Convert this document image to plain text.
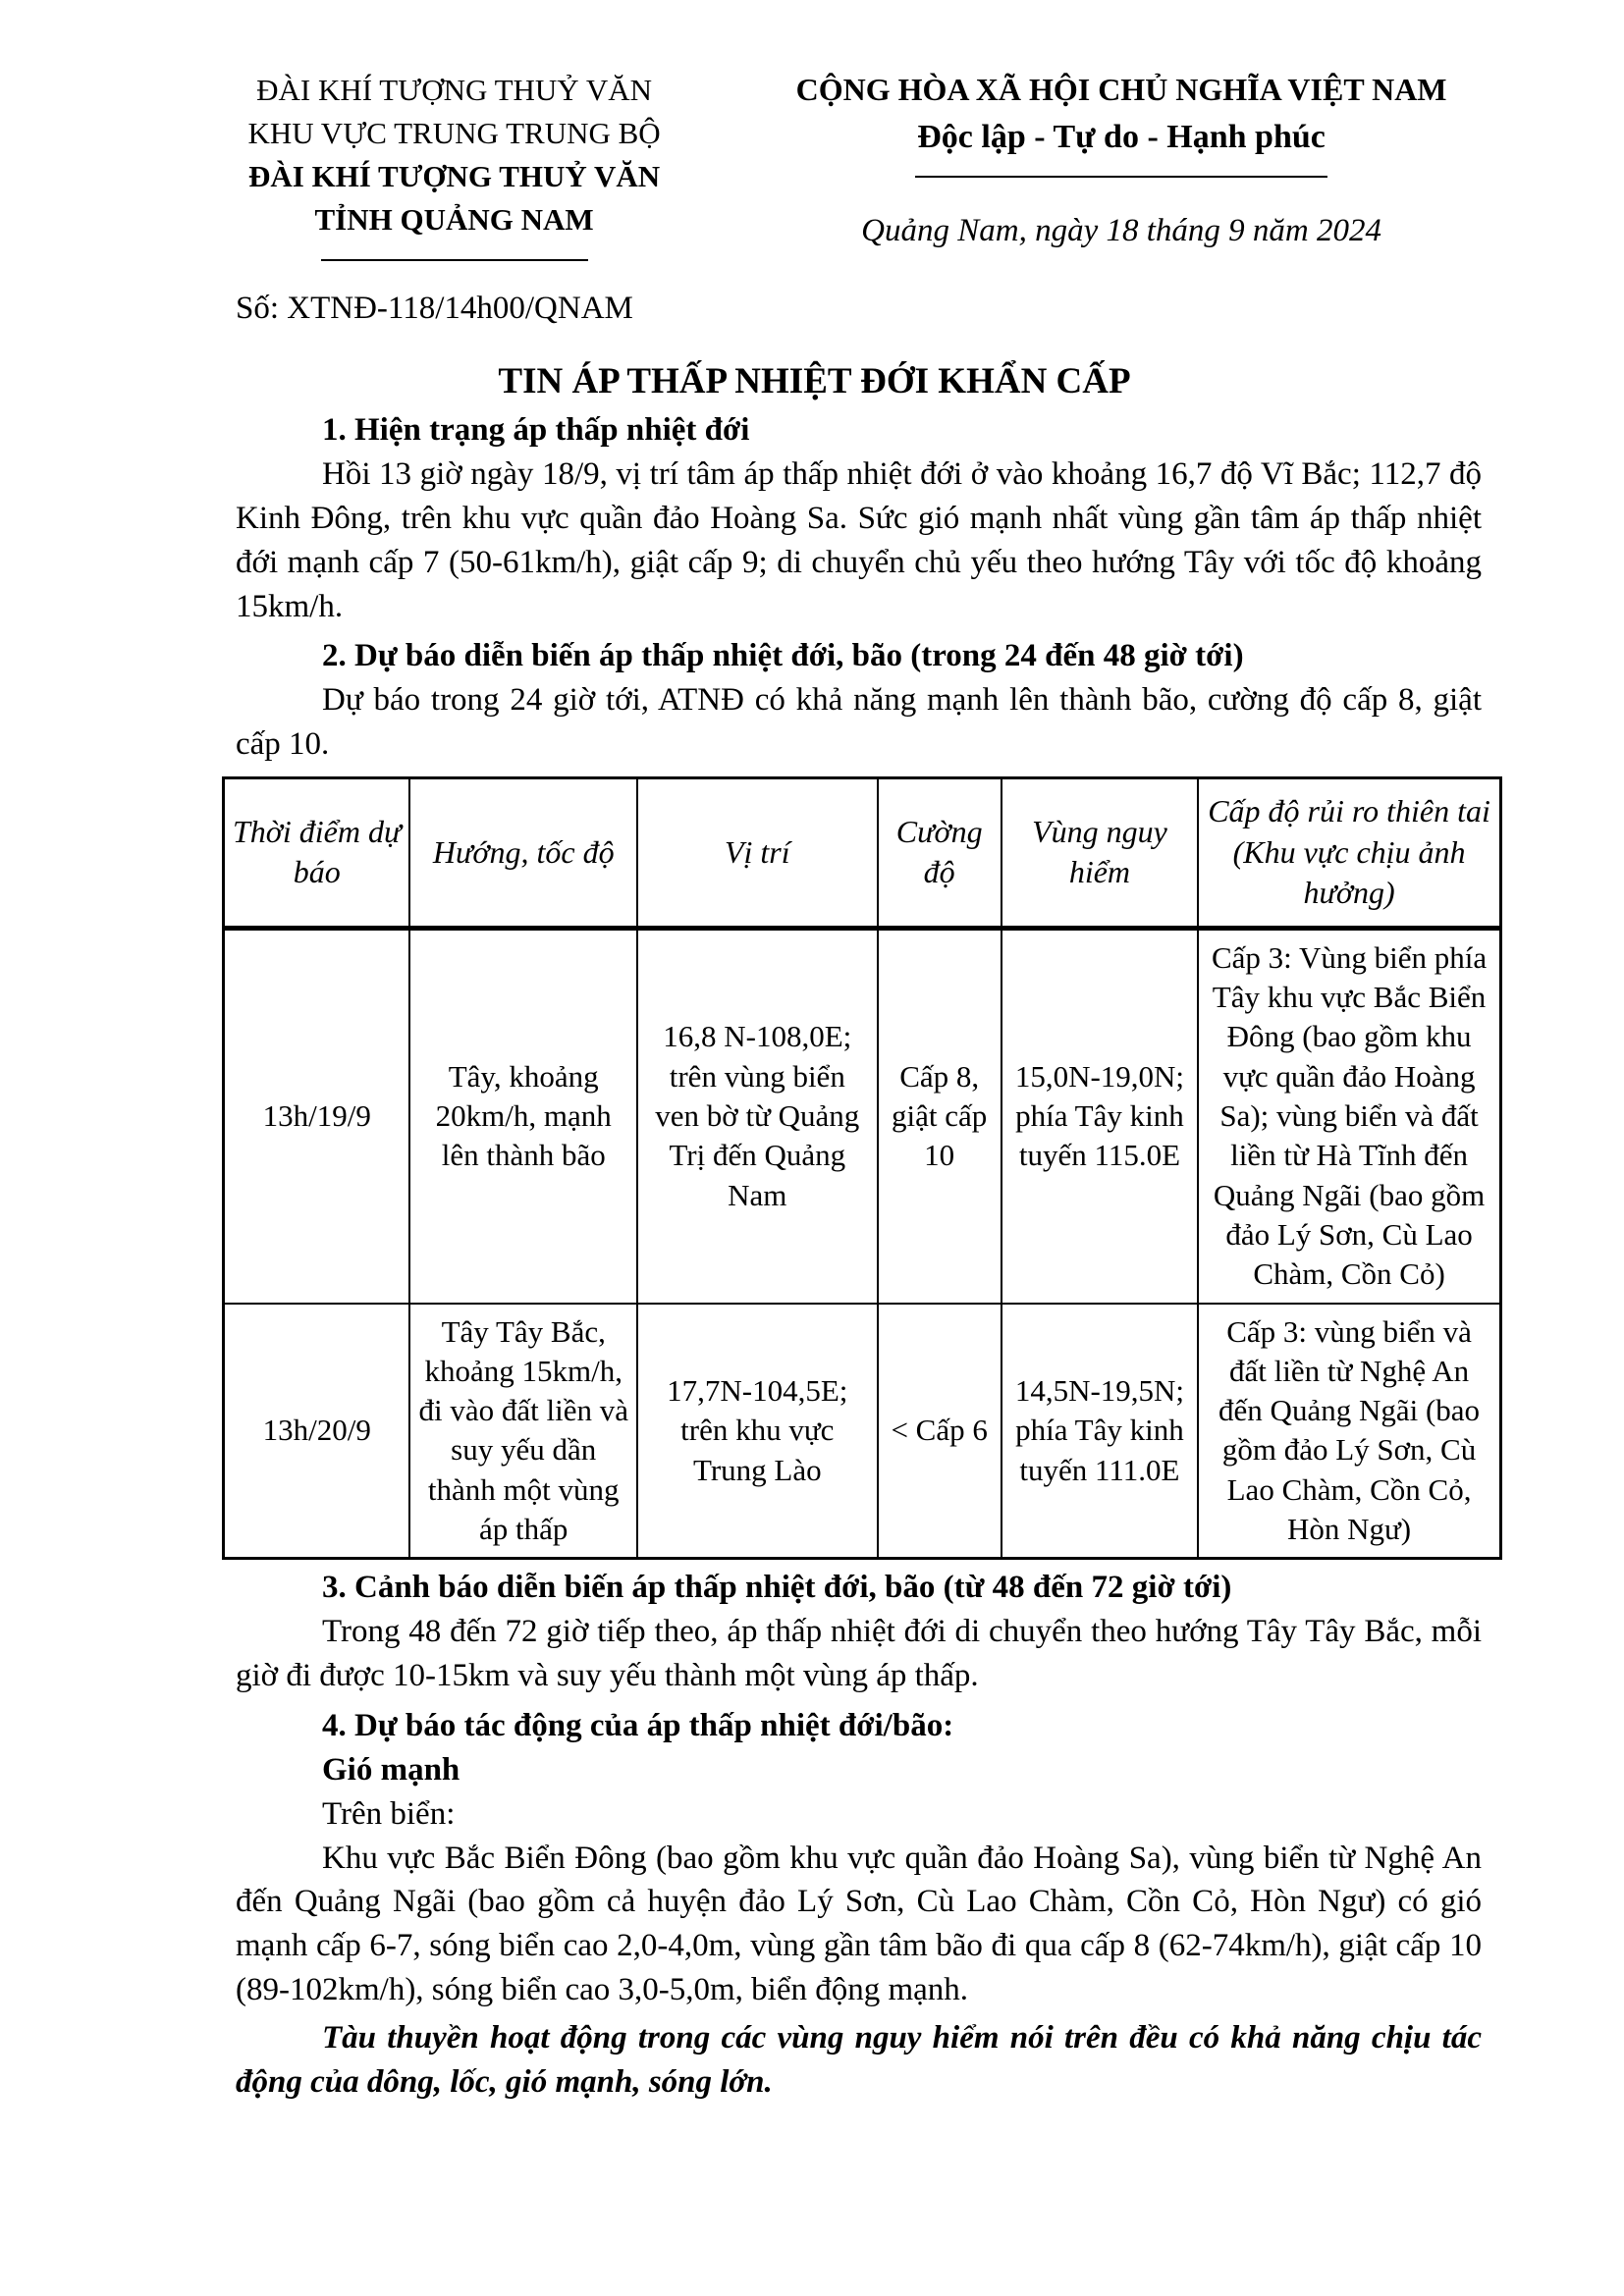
ĐÀI KHÍ TƯỢNG THUỶ VĂN
KHU VỰC TRUNG TRUNG BỘ
ĐÀI KHÍ TƯỢNG THUỶ VĂN
TỈNH QUẢNG NAM
CỘNG HÒA XÃ HỘI CHỦ NGHĨA VIỆT NAM
Độc lập - Tự do - Hạnh phúc
Quảng Nam, ngày 18 tháng 9 năm 2024
Số: XTNĐ-118/14h00/QNAM
TIN ÁP THẤP NHIỆT ĐỚI KHẨN CẤP

1. Hiện trạng áp thấp nhiệt đới

Hồi 13 giờ ngày 18/9, vị trí tâm áp thấp nhiệt đới ở vào khoảng 16,7 độ Vĩ Bắc; 112,7 độ Kinh Đông, trên khu vực quần đảo Hoàng Sa. Sức gió mạnh nhất vùng gần tâm áp thấp nhiệt đới mạnh cấp 7 (50-61km/h), giật cấp 9; di chuyển chủ yếu theo hướng Tây với tốc độ khoảng 15km/h.

2. Dự báo diễn biến áp thấp nhiệt đới, bão (trong 24 đến 48 giờ tới)

Dự báo trong 24 giờ tới, ATNĐ có khả năng mạnh lên thành bão, cường độ cấp 8, giật cấp 10.

Thời điểm dự báo	Hướng, tốc độ	Vị trí	Cường độ	Vùng nguy hiểm	Cấp độ rủi ro thiên tai (Khu vực chịu ảnh hưởng)
13h/19/9	Tây, khoảng 20km/h, mạnh lên thành bão	16,8 N-108,0E; trên vùng biển ven bờ từ Quảng Trị đến Quảng Nam	Cấp 8, giật cấp 10	15,0N-19,0N; phía Tây kinh tuyến 115.0E	Cấp 3: Vùng biển phía Tây khu vực Bắc Biển Đông (bao gồm khu vực quần đảo Hoàng Sa); vùng biển và đất liền từ Hà Tĩnh đến Quảng Ngãi (bao gồm đảo Lý Sơn, Cù Lao Chàm, Cồn Cỏ)
13h/20/9	Tây Tây Bắc, khoảng 15km/h, đi vào đất liền và suy yếu dần thành một vùng áp thấp	17,7N-104,5E; trên khu vực Trung Lào	< Cấp 6	14,5N-19,5N; phía Tây kinh tuyến 111.0E	Cấp 3: vùng biển và đất liền từ Nghệ An đến Quảng Ngãi (bao gồm đảo Lý Sơn, Cù Lao Chàm, Cồn Cỏ, Hòn Ngư)

3. Cảnh báo diễn biến áp thấp nhiệt đới, bão (từ 48 đến 72 giờ tới)

Trong 48 đến 72 giờ tiếp theo, áp thấp nhiệt đới di chuyển theo hướng Tây Tây Bắc, mỗi giờ đi được 10-15km và suy yếu thành một vùng áp thấp.

4. Dự báo tác động của áp thấp nhiệt đới/bão:

Gió mạnh

Trên biển:

Khu vực Bắc Biển Đông (bao gồm khu vực quần đảo Hoàng Sa), vùng biển từ Nghệ An đến Quảng Ngãi (bao gồm cả huyện đảo Lý Sơn, Cù Lao Chàm, Cồn Cỏ, Hòn Ngư) có gió mạnh cấp 6-7, sóng biển cao 2,0-4,0m, vùng gần tâm bão đi qua cấp 8 (62-74km/h), giật cấp 10 (89-102km/h), sóng biển cao 3,0-5,0m, biển động mạnh.

Tàu thuyền hoạt động trong các vùng nguy hiểm nói trên đều có khả năng chịu tác động của dông, lốc, gió mạnh, sóng lớn.
